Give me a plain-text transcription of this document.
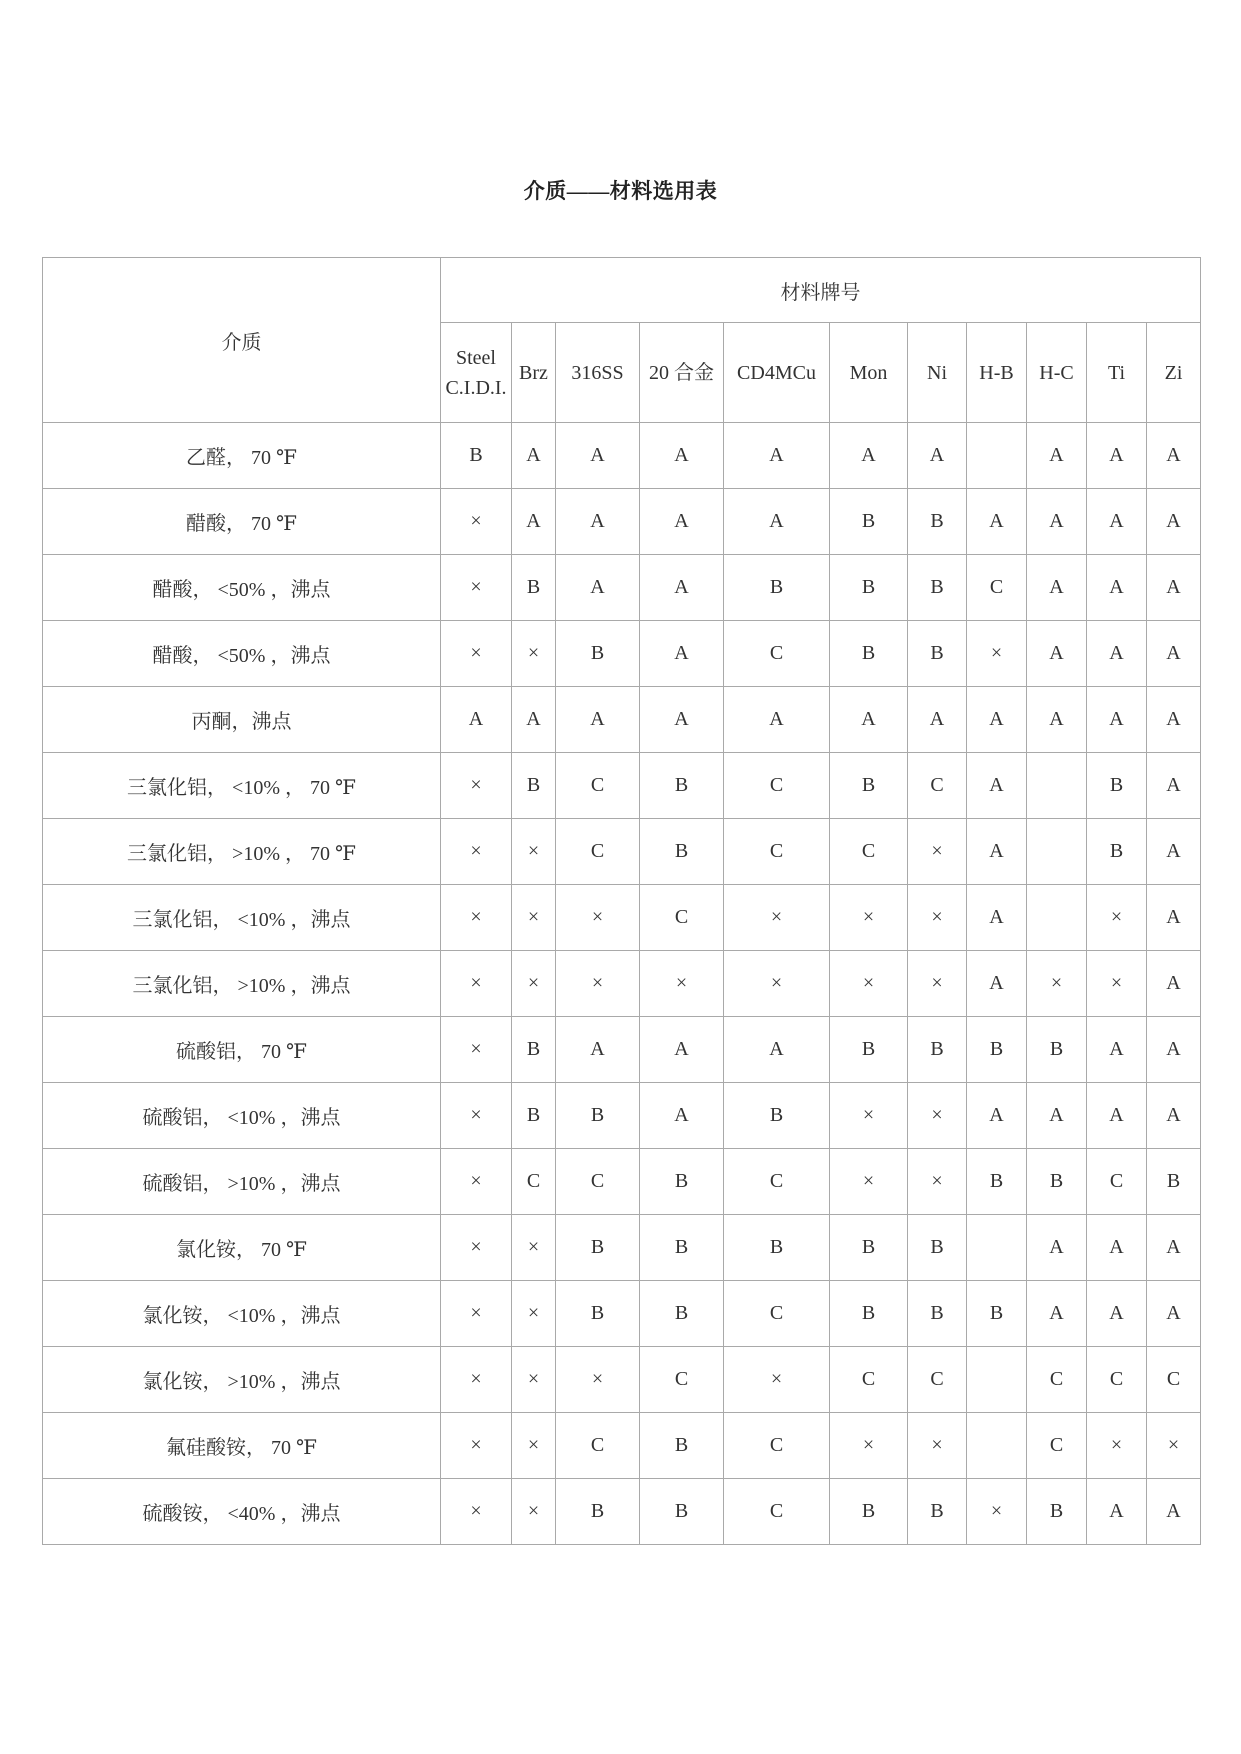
介质——材料选用表
介质	材料牌号										
	Steel C.I.D.I.	Brz	316SS	20 合金	CD4MCu	Mon	Ni	H-B	H-C	Ti	Zi
乙醛， 70 ℉	B	A	A	A	A	A	A		A	A	A
醋酸， 70 ℉	×	A	A	A	A	B	B	A	A	A	A
醋酸， <50% ，沸点	×	B	A	A	B	B	B	C	A	A	A
醋酸， <50% ，沸点	×	×	B	A	C	B	B	×	A	A	A
丙酮，沸点	A	A	A	A	A	A	A	A	A	A	A
三氯化铝， <10% ， 70 ℉	×	B	C	B	C	B	C	A		B	A
三氯化铝， >10% ， 70 ℉	×	×	C	B	C	C	×	A		B	A
三氯化铝， <10% ，沸点	×	×	×	C	×	×	×	A		×	A
三氯化铝， >10% ，沸点	×	×	×	×	×	×	×	A	×	×	A
硫酸铝， 70 ℉	×	B	A	A	A	B	B	B	B	A	A
硫酸铝， <10% ，沸点	×	B	B	A	B	×	×	A	A	A	A
硫酸铝， >10% ，沸点	×	C	C	B	C	×	×	B	B	C	B
氯化铵， 70 ℉	×	×	B	B	B	B	B		A	A	A
氯化铵， <10% ，沸点	×	×	B	B	C	B	B	B	A	A	A
氯化铵， >10% ，沸点	×	×	×	C	×	C	C		C	C	C
氟硅酸铵， 70 ℉	×	×	C	B	C	×	×		C	×	×
硫酸铵， <40% ，沸点	×	×	B	B	C	B	B	×	B	A	A
